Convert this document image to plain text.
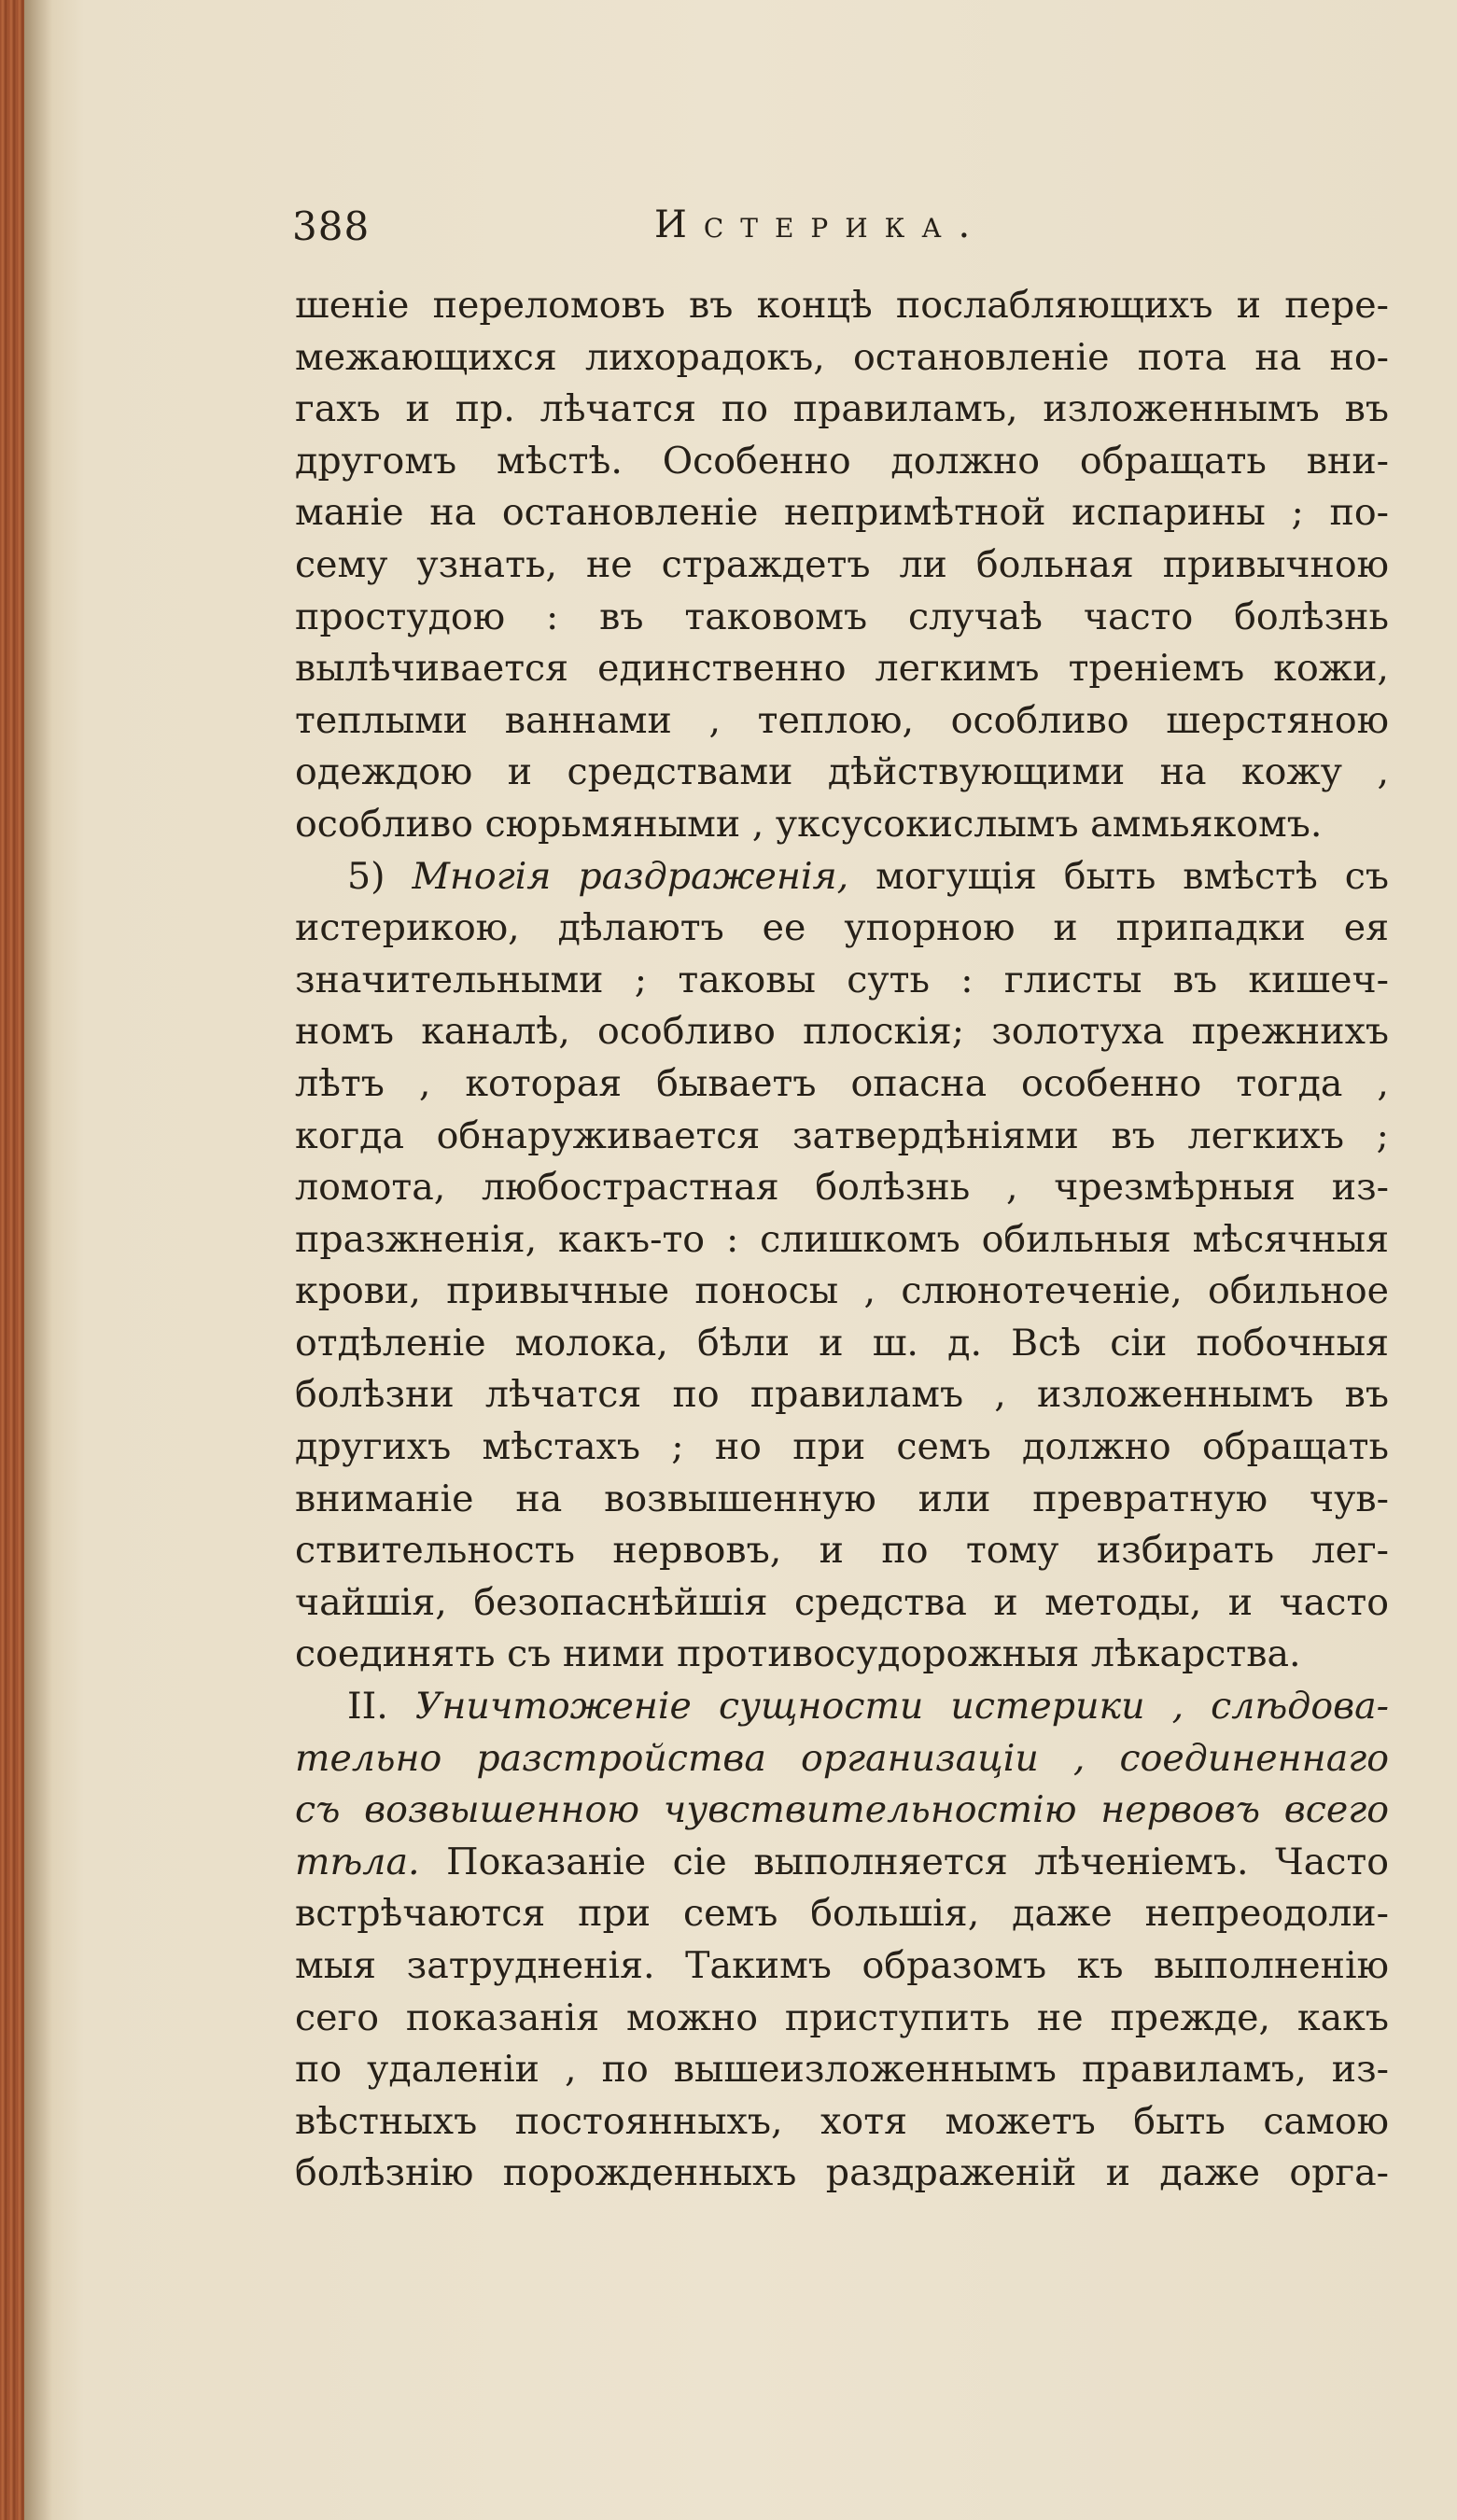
388	Истерика.
шеніе переломовъ въ концѣ послабляющихъ и пере-
межающихся лихорадокъ, остановленіе пота на но-
гахъ и пр. лѣчатся по правиламъ, изложеннымъ въ
другомъ мѣстѣ. Особенно должно обращать вни-
маніе на остановленіе непримѣтной испарины ; по-
сему узнать, не страждетъ ли больная привычною
простудою : въ таковомъ случаѣ часто болѣзнь
вылѣчивается единственно легкимъ треніемъ кожи,
теплыми ваннами , теплою, особливо шерстяною
одеждою и средствами дѣйствующими на кожу ,
особливо сюрьмяными , уксусокислымъ аммьякомъ.
5) Многія раздраженія, могущія быть вмѣстѣ съ
истерикою, дѣлаютъ ее упорною и припадки ея
значительными ; таковы суть : глисты въ кишеч-
номъ каналѣ, особливо плоскія; золотуха прежнихъ
лѣтъ , которая бываетъ опасна особенно тогда ,
когда обнаруживается затвердѣніями въ легкихъ ;
ломота, любострастная болѣзнь , чрезмѣрныя из-
празжненія, какъ-то : слишкомъ обильныя мѣсячныя
крови, привычные поносы , слюнотеченіе, обильное
отдѣленіе молока, бѣли и ш. д. Всѣ сіи побочныя
болѣзни лѣчатся по правиламъ , изложеннымъ въ
другихъ мѣстахъ ; но при семъ должно обращать
вниманіе на возвышенную или превратную чув-
ствительность нервовъ, и по тому избирать лег-
чайшія, безопаснѣйшія средства и методы, и часто
соединять съ ними противосудорожныя лѣкарства.
II. Уничтоженіе сущности истерики , слѣдова-
тельно разстройства организаціи , соединеннаго
съ возвышенною чувствительностію нервовъ всего
тѣла. Показаніе сіе выполняется лѣченіемъ. Часто
встрѣчаются при семъ большія, даже непреодоли-
мыя затрудненія. Такимъ образомъ къ выполненію
сего показанія можно приступить не прежде, какъ
по удаленіи , по вышеизложеннымъ правиламъ, из-
вѣстныхъ постоянныхъ, хотя можетъ быть самою
болѣзнію порожденныхъ раздраженій и даже орга-
